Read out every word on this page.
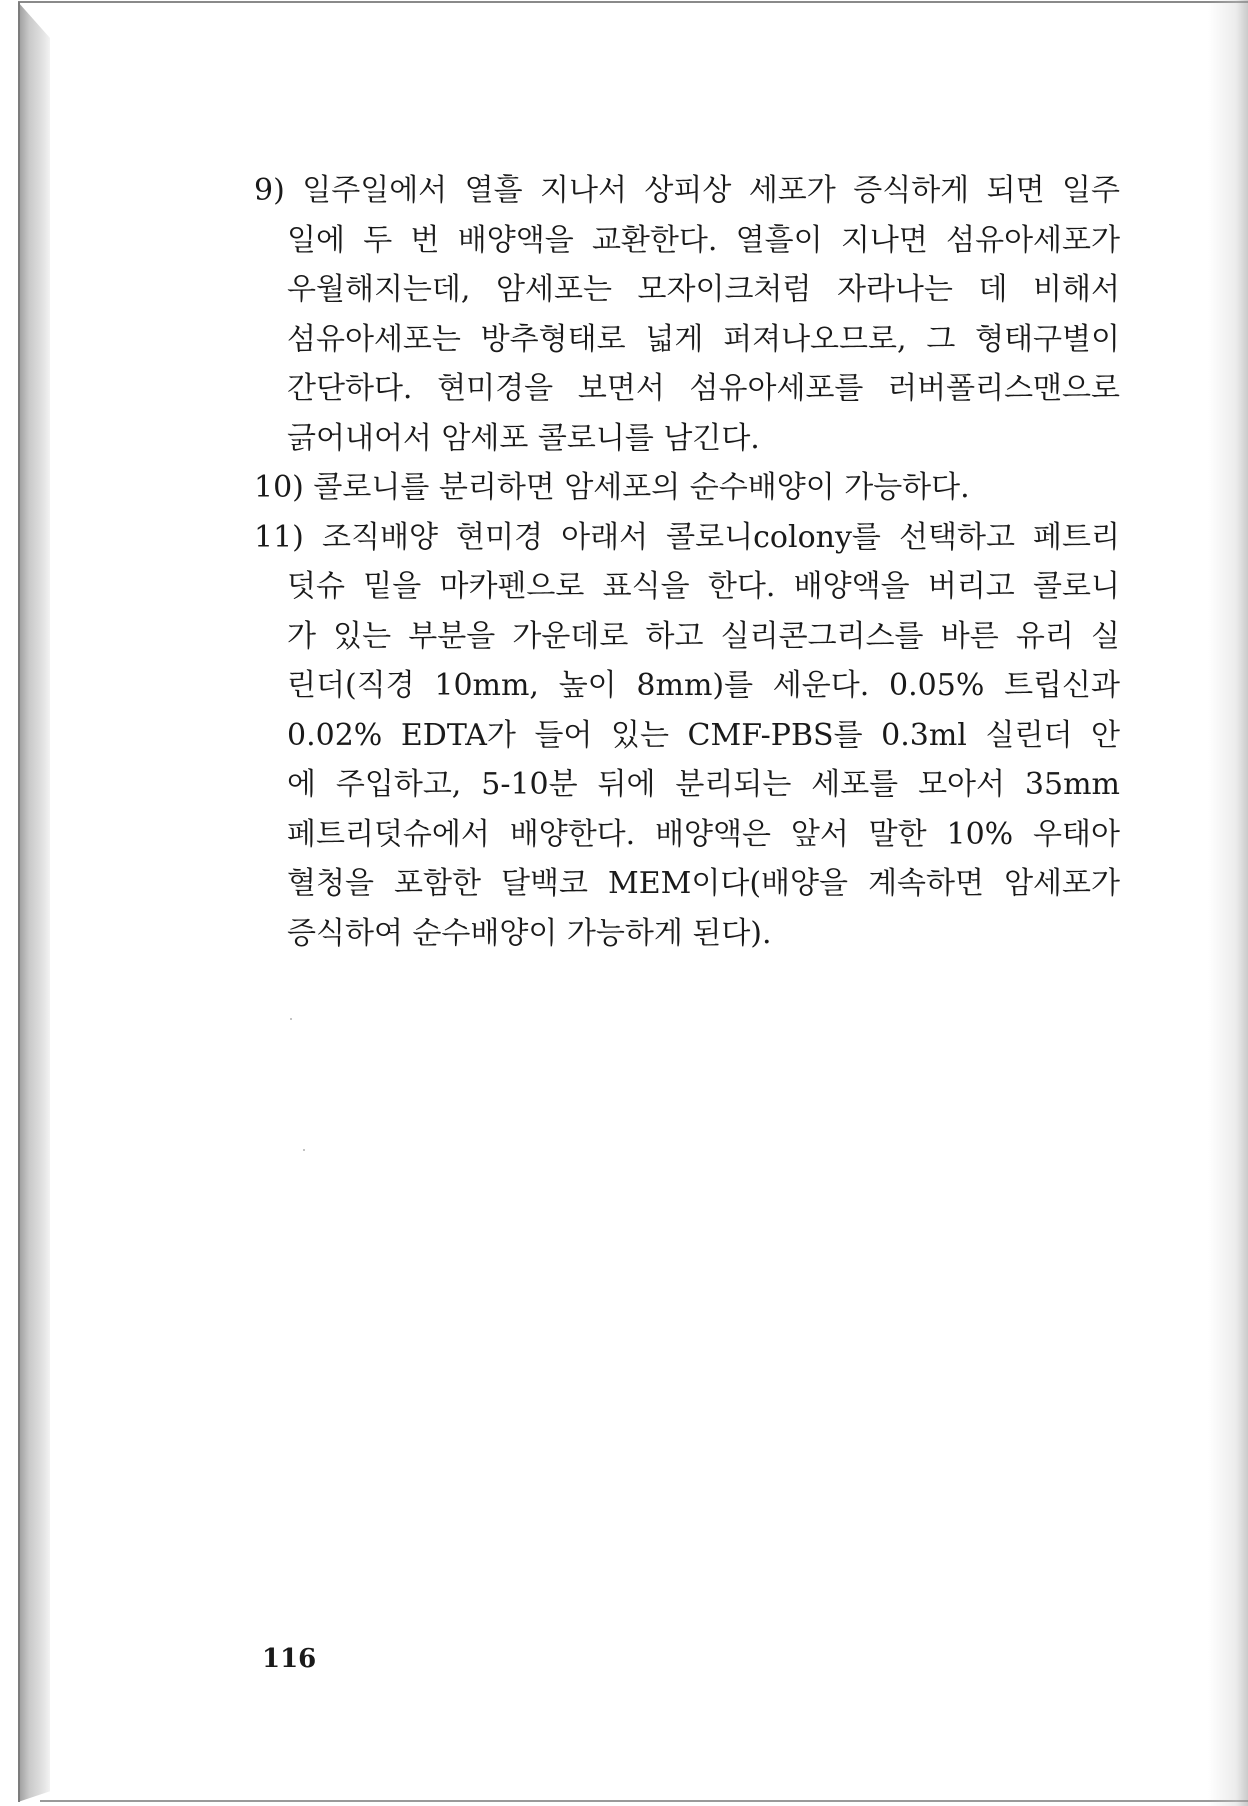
9) 일주일에서 열흘 지나서 상피상 세포가 증식하게 되면 일주
일에 두 번 배양액을 교환한다. 열흘이 지나면 섬유아세포가
우월해지는데, 암세포는 모자이크처럼 자라나는 데 비해서
섬유아세포는 방추형태로 넓게 퍼져나오므로, 그 형태구별이
간단하다. 현미경을 보면서 섬유아세포를 러버폴리스맨으로
긁어내어서 암세포 콜로니를 남긴다.
10) 콜로니를 분리하면 암세포의 순수배양이 가능하다.
11) 조직배양 현미경 아래서 콜로니colony를 선택하고 페트리
덧슈 밑을 마카펜으로 표식을 한다. 배양액을 버리고 콜로니
가 있는 부분을 가운데로 하고 실리콘그리스를 바른 유리 실
린더(직경 10mm, 높이 8mm)를 세운다. 0.05% 트립신과
0.02% EDTA가 들어 있는 CMF-PBS를 0.3ml 실린더 안
에 주입하고, 5-10분 뒤에 분리되는 세포를 모아서 35mm
페트리덧슈에서 배양한다. 배양액은 앞서 말한 10% 우태아
혈청을 포함한 달백코 MEM이다(배양을 계속하면 암세포가
증식하여 순수배양이 가능하게 된다).
116
